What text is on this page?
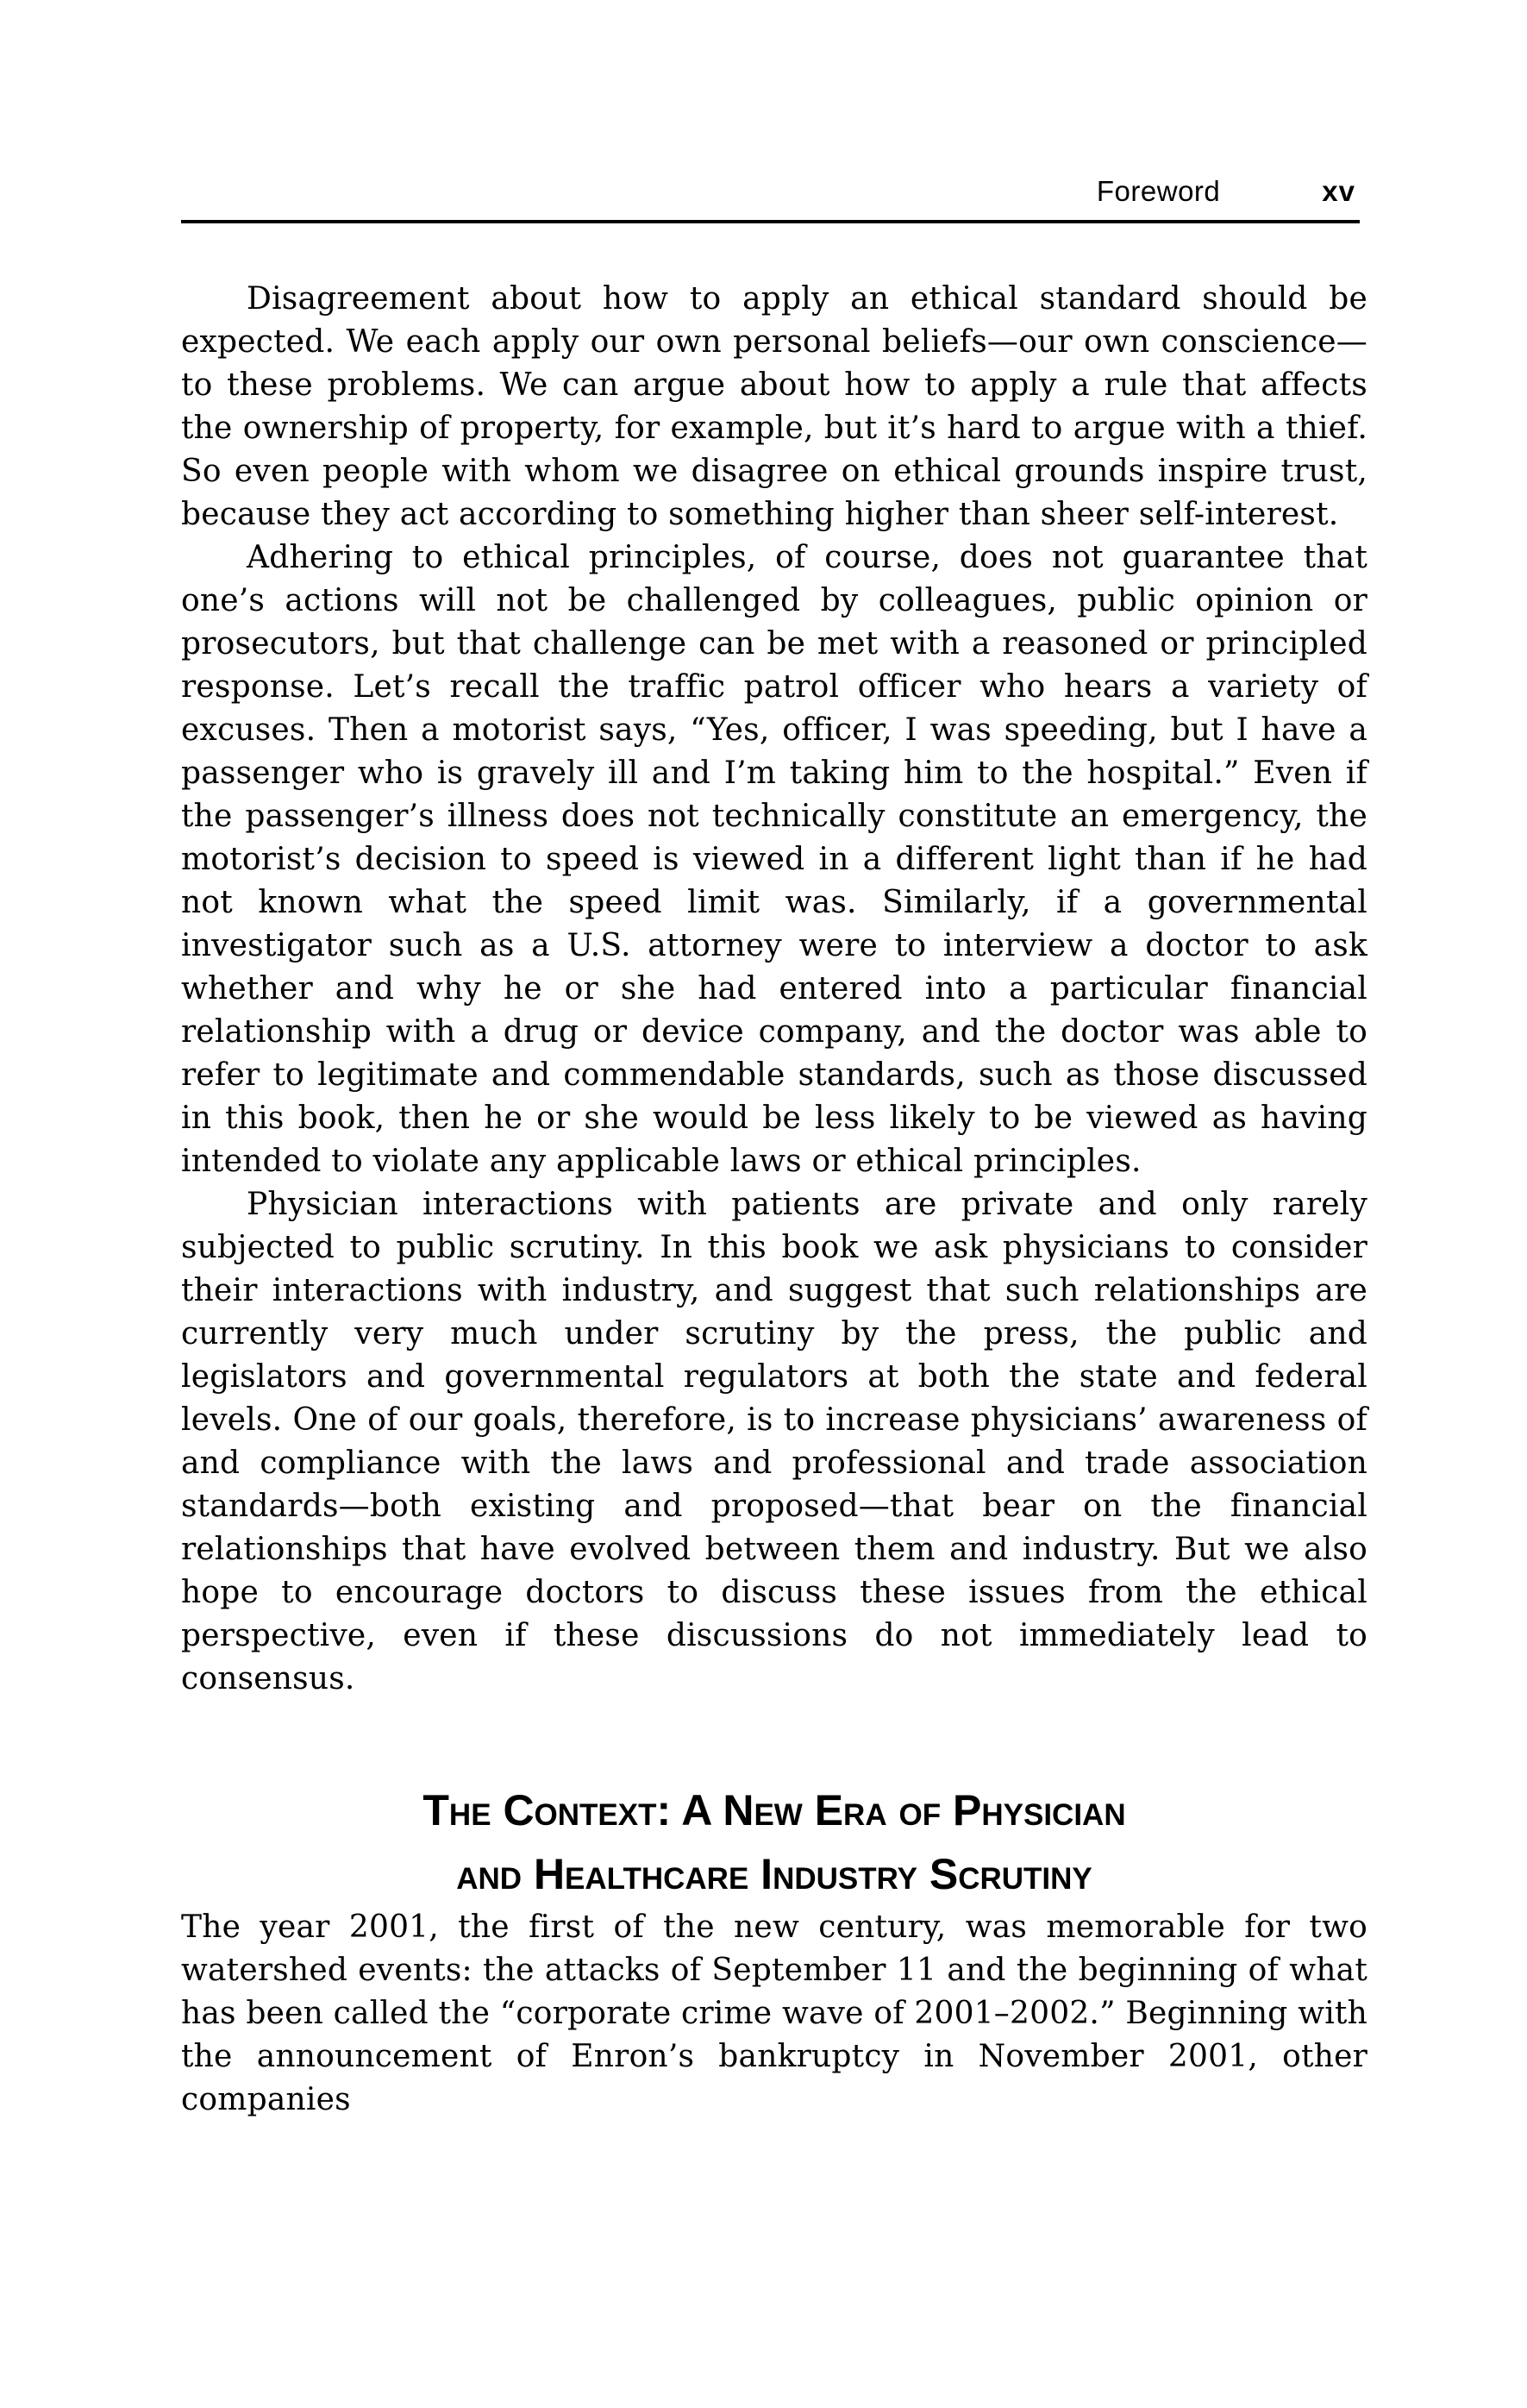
Foreword	xv

Disagreement about how to apply an ethical standard should be expected. We each apply our own personal beliefs—our own conscience—to these problems. We can argue about how to apply a rule that affects the ownership of property, for example, but it’s hard to argue with a thief. So even people with whom we disagree on ethical grounds inspire trust, because they act according to something higher than sheer self-interest.

Adhering to ethical principles, of course, does not guarantee that one’s actions will not be challenged by colleagues, public opinion or prosecutors, but that challenge can be met with a reasoned or principled response. Let’s recall the traffic patrol officer who hears a variety of excuses. Then a motorist says, “Yes, officer, I was speeding, but I have a passenger who is gravely ill and I’m taking him to the hospital.” Even if the passenger’s illness does not technically constitute an emergency, the motorist’s decision to speed is viewed in a different light than if he had not known what the speed limit was. Similarly, if a governmental investigator such as a U.S. attorney were to interview a doctor to ask whether and why he or she had entered into a particular financial relationship with a drug or device company, and the doctor was able to refer to legitimate and commendable standards, such as those discussed in this book, then he or she would be less likely to be viewed as having intended to violate any applicable laws or ethical principles.

Physician interactions with patients are private and only rarely subjected to public scrutiny. In this book we ask physicians to consider their interactions with industry, and suggest that such relationships are currently very much under scrutiny by the press, the public and legislators and governmental regulators at both the state and federal levels. One of our goals, therefore, is to increase physicians’ awareness of and compliance with the laws and professional and trade association standards—both existing and proposed—that bear on the financial relationships that have evolved between them and industry. But we also hope to encourage doctors to discuss these issues from the ethical perspective, even if these discussions do not immediately lead to consensus.

The Context: A New Era of Physician
and Healthcare Industry Scrutiny

The year 2001, the first of the new century, was memorable for two watershed events: the attacks of September 11 and the beginning of what has been called the “corporate crime wave of 2001–2002.” Beginning with the announcement of Enron’s bankruptcy in November 2001, other companies
